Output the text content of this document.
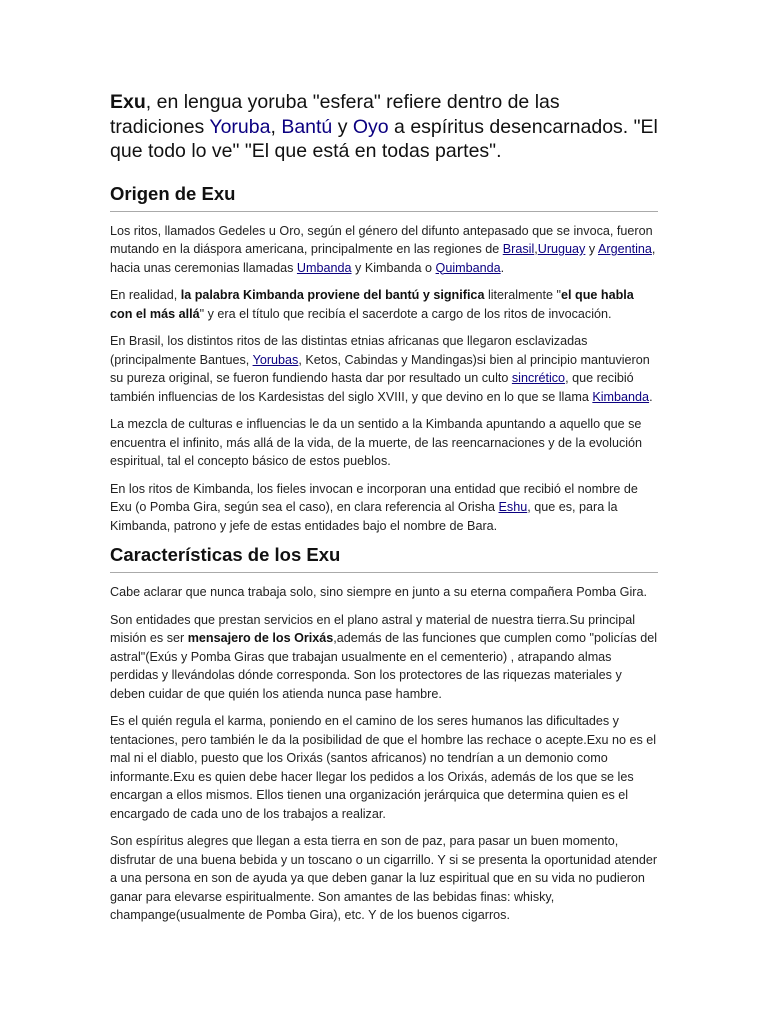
Exu, en lengua yoruba "esfera" refiere dentro de las tradiciones Yoruba, Bantú y Oyo a espíritus desencarnados. "El que todo lo ve" "El que está en todas partes".

Origen de Exu

Los ritos, llamados Gedeles u Oro, según el género del difunto antepasado que se invoca, fueron mutando en la diáspora americana, principalmente en las regiones de Brasil,Uruguay y Argentina, hacia unas ceremonias llamadas Umbanda y Kimbanda o Quimbanda.

En realidad, la palabra Kimbanda proviene del bantú y significa literalmente "el que habla con el más allá" y era el título que recibía el sacerdote a cargo de los ritos de invocación.

En Brasil, los distintos ritos de las distintas etnias africanas que llegaron esclavizadas (principalmente Bantues, Yorubas, Ketos, Cabindas y Mandingas)si bien al principio mantuvieron su pureza original, se fueron fundiendo hasta dar por resultado un culto sincrético, que recibió también influencias de los Kardesistas del siglo XVIII, y que devino en lo que se llama Kimbanda.

La mezcla de culturas e influencias le da un sentido a la Kimbanda apuntando a aquello que se encuentra el infinito, más allá de la vida, de la muerte, de las reencarnaciones y de la evolución espiritual, tal el concepto básico de estos pueblos.

En los ritos de Kimbanda, los fieles invocan e incorporan una entidad que recibió el nombre de Exu (o Pomba Gira, según sea el caso), en clara referencia al Orisha Eshu, que es, para la Kimbanda, patrono y jefe de estas entidades bajo el nombre de Bara.

Características de los Exu

Cabe aclarar que nunca trabaja solo, sino siempre en junto a su eterna compañera Pomba Gira.

Son entidades que prestan servicios en el plano astral y material de nuestra tierra.Su principal misión es ser mensajero de los Orixás,además de las funciones que cumplen como "policías del astral"(Exús y Pomba Giras que trabajan usualmente en el cementerio) , atrapando almas perdidas y llevándolas dónde corresponda. Son los protectores de las riquezas materiales y deben cuidar de que quién los atienda nunca pase hambre.

Es el quién regula el karma, poniendo en el camino de los seres humanos las dificultades y tentaciones, pero también le da la posibilidad de que el hombre las rechace o acepte.Exu no es el mal ni el diablo, puesto que los Orixás (santos africanos) no tendrían a un demonio como informante.Exu es quien debe hacer llegar los pedidos a los Orixás, además de los que se les encargan a ellos mismos. Ellos tienen una organización jerárquica que determina quien es el encargado de cada uno de los trabajos a realizar.

Son espíritus alegres que llegan a esta tierra en son de paz, para pasar un buen momento, disfrutar de una buena bebida y un toscano o un cigarrillo. Y si se presenta la oportunidad atender a una persona en son de ayuda ya que deben ganar la luz espiritual que en su vida no pudieron ganar para elevarse espiritualmente. Son amantes de las bebidas finas: whisky, champange(usualmente de Pomba Gira), etc. Y de los buenos cigarros.
